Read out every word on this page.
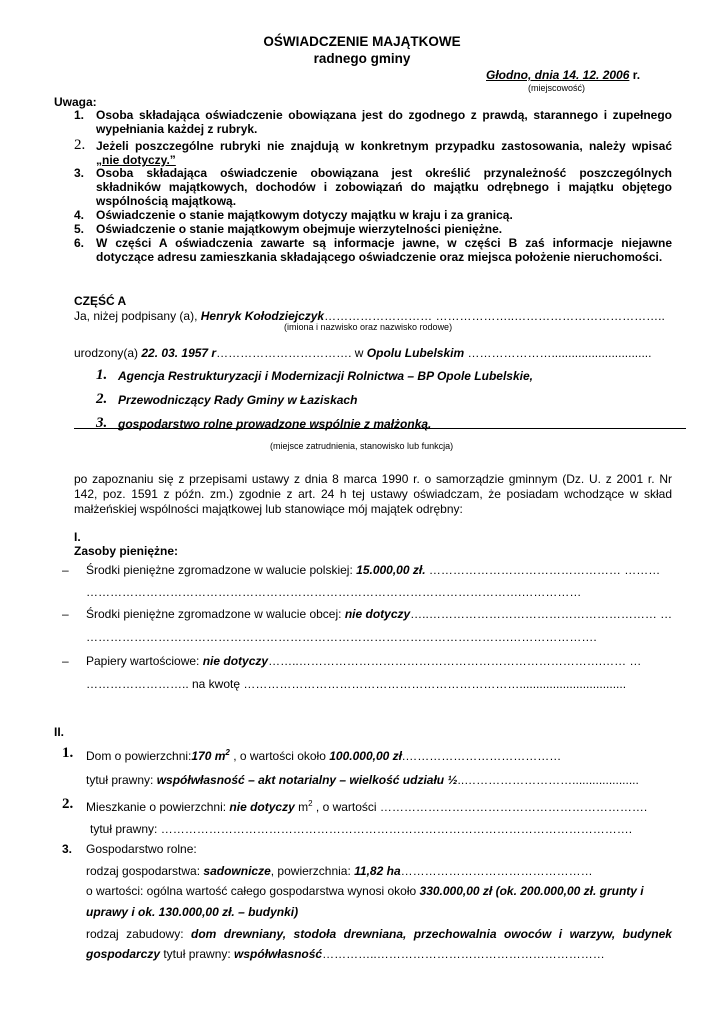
OŚWIADCZENIE MAJĄTKOWE
radnego gminy
Głodno, dnia 14. 12. 2006 r.
(miejscowość)
Uwaga:
1. Osoba składająca oświadczenie obowiązana jest do zgodnego z prawdą, starannego i zupełnego
wypełniania każdej z rubryk.
2. Jeżeli poszczególne rubryki nie znajdują w konkretnym przypadku zastosowania, należy wpisać
„nie dotyczy.”
3. Osoba składająca oświadczenie obowiązana jest określić przynależność poszczególnych
składników majątkowych, dochodów i zobowiązań do majątku odrębnego i majątku objętego
wspólnością majątkową.
4. Oświadczenie o stanie majątkowym dotyczy majątku w kraju i za granicą.
5. Oświadczenie o stanie majątkowym obejmuje wierzytelności pieniężne.
6. W części A oświadczenia zawarte są informacje jawne, w części B zaś informacje niejawne
dotyczące adresu zamieszkania składającego oświadczenie oraz miejsca położenie nieruchomości.
CZĘŚĆ A
Ja, niżej podpisany (a), Henryk Kołodziejczyk……………………… ………………..………………………………..
(imiona i nazwisko oraz nazwisko rodowe)
urodzony(a) 22. 03. 1957 r……………………………. w Opolu Lubelskim …………………..............................
1. Agencja Restrukturyzacji i Modernizacji Rolnictwa – BP Opole Lubelskie,
2. Przewodniczący Rady Gminy w Łaziskach
3. gospodarstwo rolne prowadzone wspólnie z małżonką.
(miejsce zatrudnienia, stanowisko lub funkcja)
po zapoznaniu się z przepisami ustawy z dnia 8 marca 1990 r. o samorządzie gminnym (Dz. U. z 2001 r. Nr
142, poz. 1591 z późn. zm.) zgodnie z art. 24 h tej ustawy oświadczam, że posiadam wchodzące w skład
małżeńskiej wspólności majątkowej lub stanowiące mój majątek odrębny:
I.
Zasoby pieniężne:
– Środki pieniężne zgromadzone w walucie polskiej: 15.000,00 zł. ………………………………………… ………
……………………………………………………………………………………………….……………
– Środki pieniężne zgromadzone w walucie obcej: nie dotyczy…..………………………………………………… …
…………………………………………………………………………………………….………………….
– Papiery wartościowe: nie dotyczy……..………………………………………………………………….…… …
…………………….. na kwotę ……………………………………………………………................................
II.
1. Dom o powierzchni:170 $m^2$ , o wartości około 100.000,00 zł.…………………………………
tytuł prawny: współwłasność – akt notarialny – wielkość udziału ½..………………………....................
2. Mieszkanie o powierzchni: nie dotyczy $m^2$ , o wartości ………………………………………………………….
tytuł prawny: ……………………………………………………………………………………………………….
3. Gospodarstwo rolne:
rodzaj gospodarstwa: sadownicze, powierzchnia: 11,82 ha…………………………………………
o wartości: ogólna wartość całego gospodarstwa wynosi około 330.000,00 zł (ok. 200.000,00 zł. grunty i
uprawy i ok. 130.000,00 zł. – budynki)
rodzaj zabudowy: dom drewniany, stodoła drewniana, przechowalnia owoców i warzyw, budynek
gospodarczy tytuł prawny: współwłasność…………..…………………………………………………
